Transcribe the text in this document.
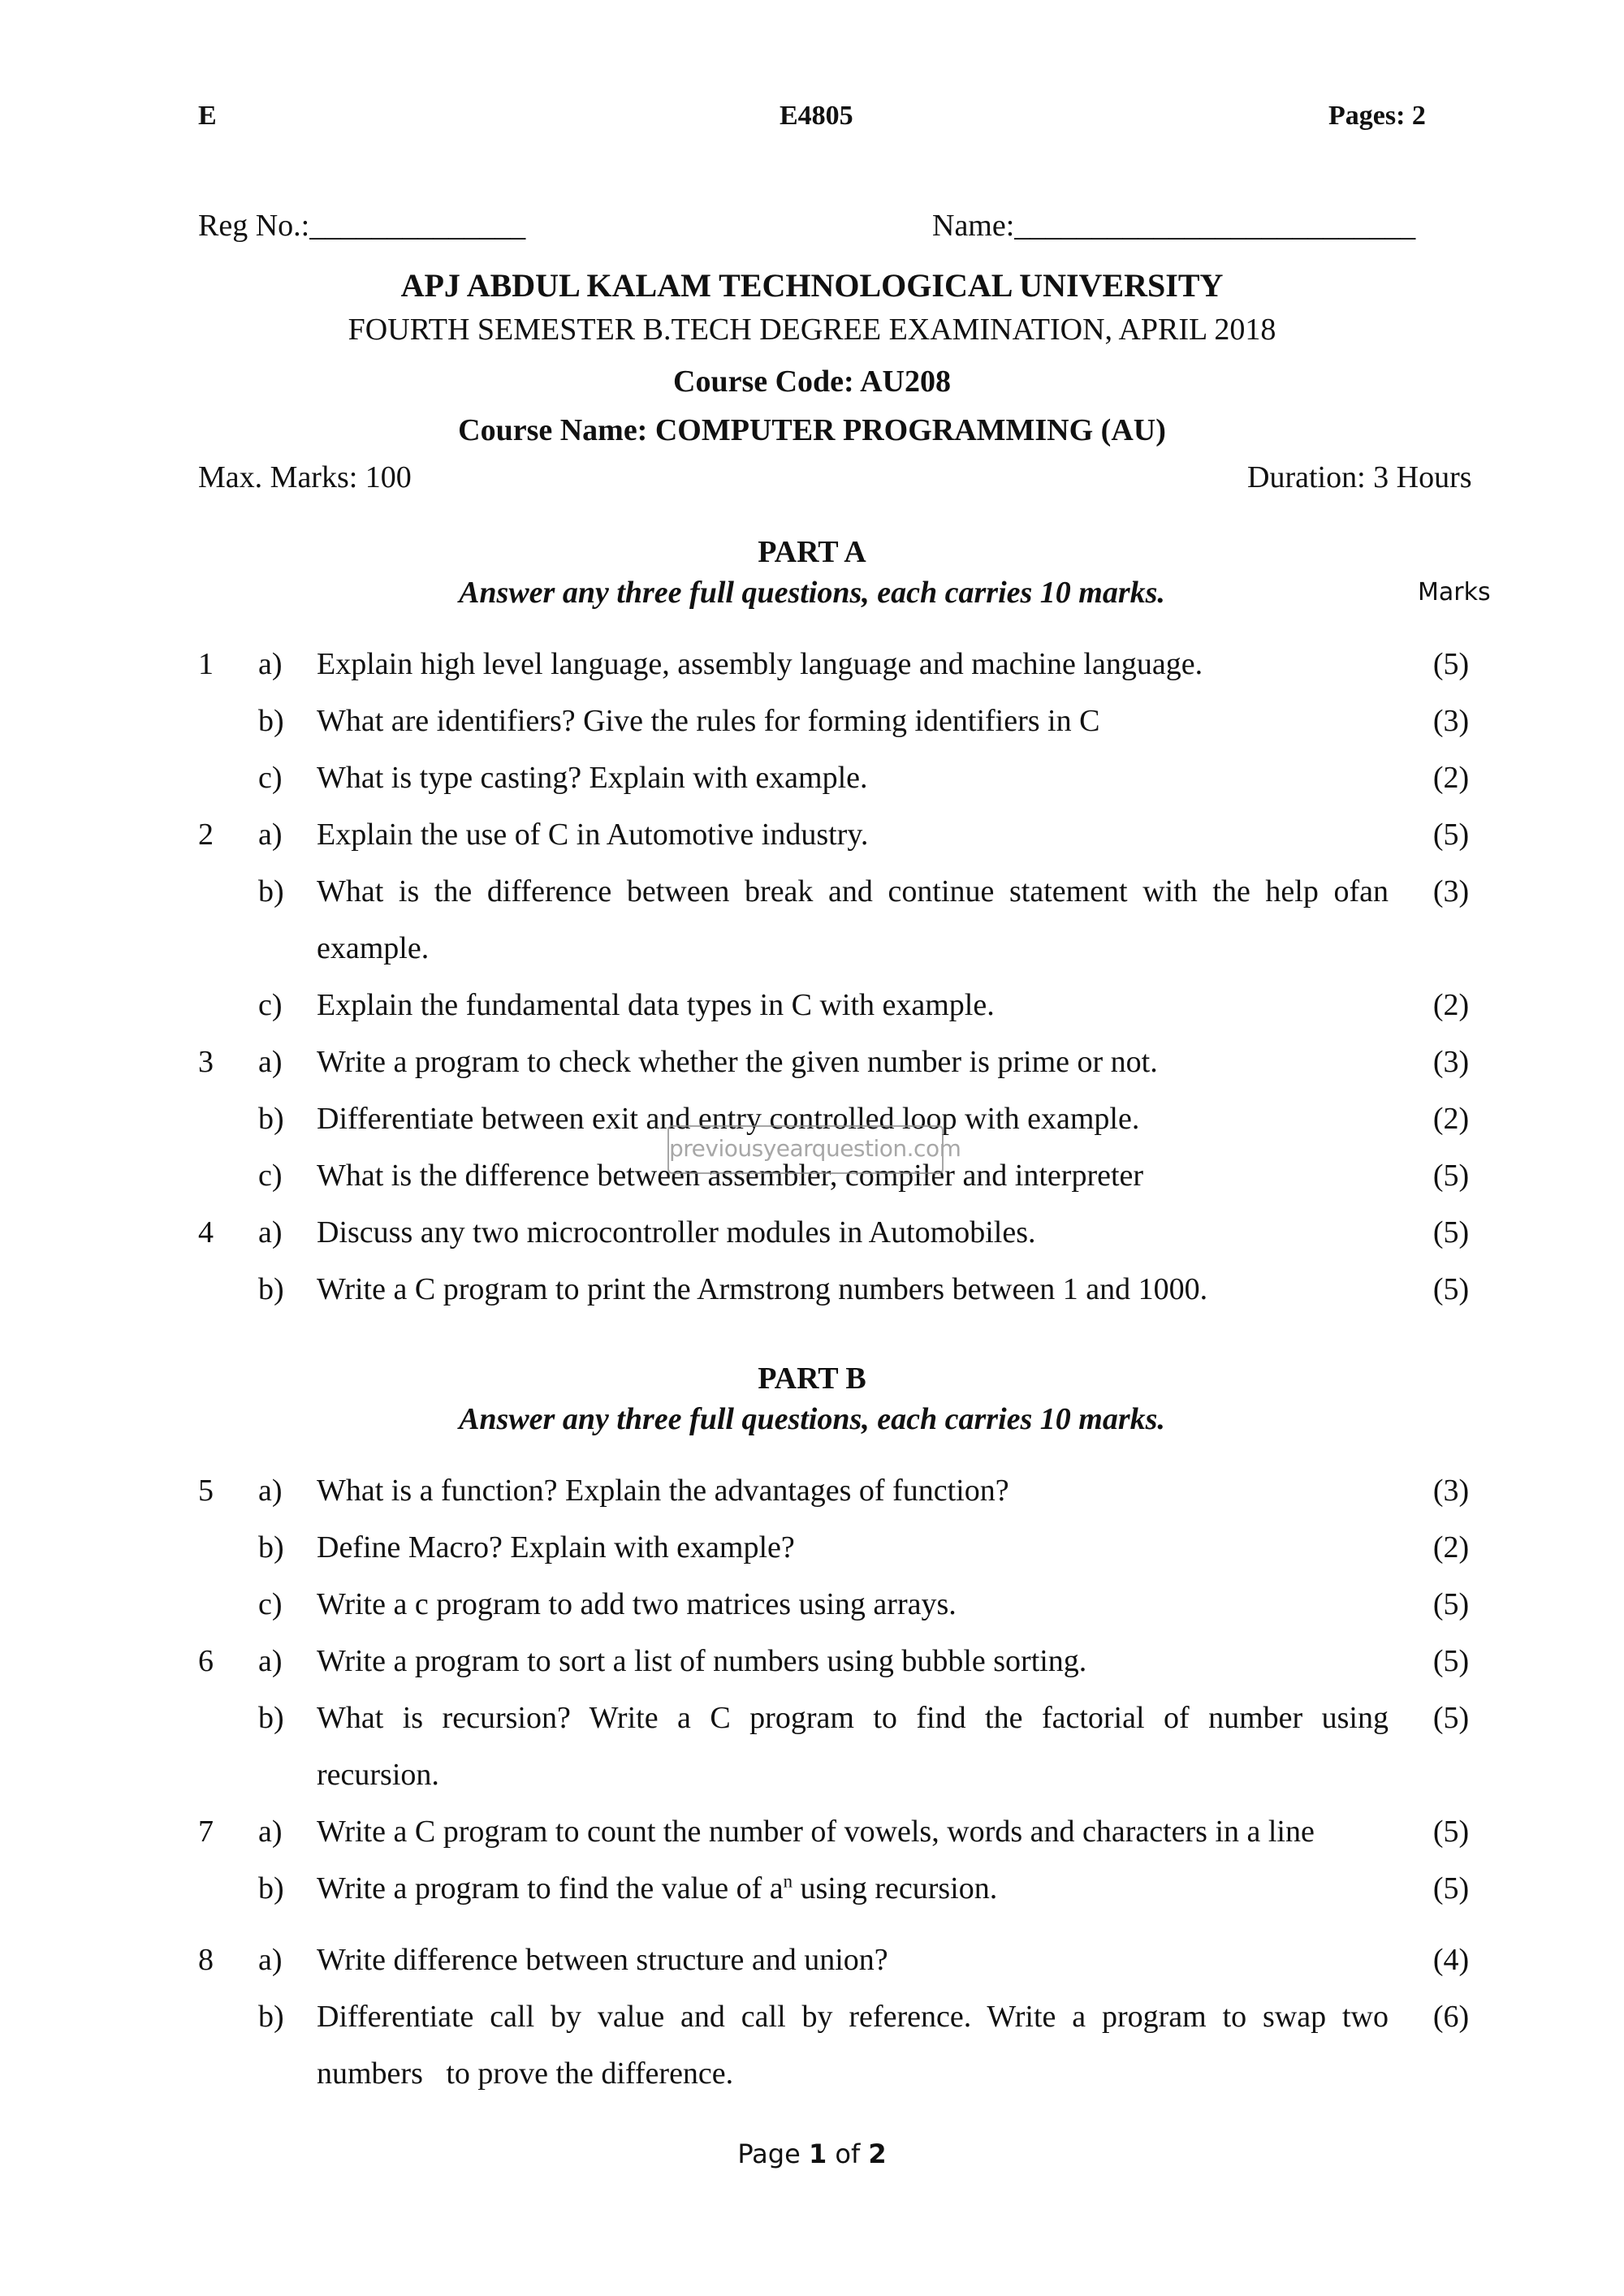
E	E4805	Pages: 2
Reg No.:______________	Name:__________________________
APJ ABDUL KALAM TECHNOLOGICAL UNIVERSITY
FOURTH SEMESTER B.TECH DEGREE EXAMINATION, APRIL 2018
Course Code: AU208
Course Name: COMPUTER PROGRAMMING (AU)
Max. Marks: 100	Duration: 3 Hours
PART A
Answer any three full questions, each carries 10 marks.	Marks
1 a) Explain high level language, assembly language and machine language.	(5)
b) What are identifiers? Give the rules for forming identifiers in C	(3)
c) What is type casting? Explain with example.	(2)
2 a) Explain the use of C in Automotive industry.	(5)
b) What is the difference between break and continue statement with the help ofan	(3)
example.
c) Explain the fundamental data types in C with example.	(2)
3 a) Write a program to check whether the given number is prime or not.	(3)
b) Differentiate between exit and entry controlled loop with example.	(2)
c) What is the difference between assembler, compiler and interpreter	(5)
4 a) Discuss any two microcontroller modules in Automobiles.	(5)
b) Write a C program to print the Armstrong numbers between 1 and 1000.	(5)
previousyearquestion.com
PART B
Answer any three full questions, each carries 10 marks.
5 a) What is a function? Explain the advantages of function?	(3)
b) Define Macro? Explain with example?	(2)
c) Write a c program to add two matrices using arrays.	(5)
6 a) Write a program to sort a list of numbers using bubble sorting.	(5)
b) What is recursion? Write a C program to find the factorial of number using	(5)
recursion.
7 a) Write a C program to count the number of vowels, words and characters in a line	(5)
b) Write a program to find the value of $a^n$ using recursion.	(5)
8 a) Write difference between structure and union?	(4)
b) Differentiate call by value and call by reference. Write a program to swap two	(6)
numbers   to prove the difference.
Page 1 of 2
